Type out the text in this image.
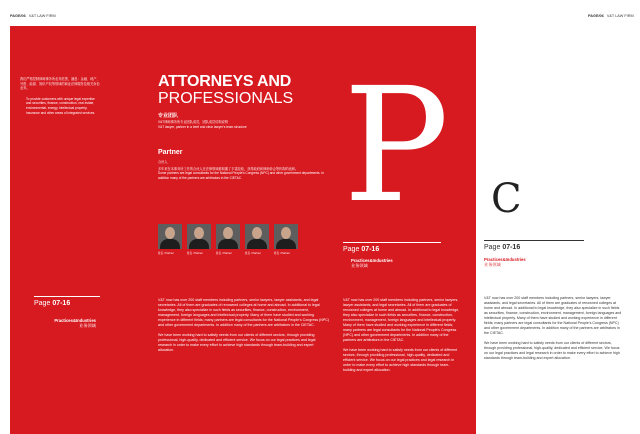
PAGE/06 V&T LAW FIRM	PAGE/06 V&T LAW FIRM
我们严格控制律师事务所业务范围，涵盖：金融、地产、外资、能源、知识产权等领域的商业法律服务及相关诉讼业务。
To provide customers with unique legal expertise and securities, finance, construction, real estate, environmental, energy, intellectual property, insurance and other areas of integrated services.
Page 07-16
Practices&Industries
业务领域
ATTORNEYS AND
PROFESSIONALS
专业团队
V&T律师事务所专业团队成员，团队成员结构说明
V&T lawyer, partner in a brief and clear lawyer's team structure
Partner
合伙人
多年来在本事务所工作的合伙人在法律领域都积累了丰富经验，获得政府和律师协会等机构的表彰。
Some partners are legal consultants for the National People's Congress (NPC) and other government departments. In addition many of the partners are arbitrators in the CIETAC.
姓名 / Partner	姓名 / Partner	姓名 / Partner	姓名 / Partner	姓名 / Partner
V&T now has over 200 staff members including partners, senior lawyers, lawyer assistants, and legal secretaries. All of them are graduates of renowned colleges at home and abroad. In additional to legal knowledge, they also specialize in such fields as securities, finance, construction, environment, management, foreign languages and intellectual property. Many of them have studied and working experience in different fields; many partners are legal consultants for the National People's Congress (NPC) and other government departments. In addition many of the partners are arbitrators in the CIETAC.
We have been working hard to satisfy needs from our clients of different sectors, through providing professional, high-quality, dedicated and efficient service. We focus on our legal practices and legal research in order to make every effort to achieve high standards through team-building and expert allocation.
P
Page 07-16
Practices&Industries
业务领域
V&T now has over 200 staff members including partners, senior lawyers, lawyer assistants, and legal secretaries. All of them are graduates of renowned colleges at home and abroad. In additional to legal knowledge, they also specialize in such fields as securities, finance, construction, environment, management, foreign languages and intellectual property. Many of them have studied and working experience in different fields; many partners are legal consultants for the National People's Congress (NPC) and other government departments. In addition many of the partners are arbitrators in the CIETAC.
We have been working hard to satisfy needs from our clients of different sectors, through providing professional, high-quality, dedicated and efficient service. We focus on our legal practices and legal research in order to make every effort to achieve high standards through team-building and expert allocation.
C
Page 07-16
Practices&Industries
业务领域
V&T now has over 200 staff members including partners, senior lawyers, lawyer assistants, and legal secretaries. All of them are graduates of renowned colleges at home and abroad. In additional to legal knowledge, they also specialize in such fields as securities, finance, construction, environment, management, foreign languages and intellectual property. Many of them have studied and working experience in different fields; many partners are legal consultants for the National People's Congress (NPC) and other government departments. In addition many of the partners are arbitrators in the CIETAC.
We have been working hard to satisfy needs from our clients of different sectors, through providing professional, high-quality, dedicated and efficient service. We focus on our legal practices and legal research in order to make every effort to achieve high standards through team-building and expert allocation.
